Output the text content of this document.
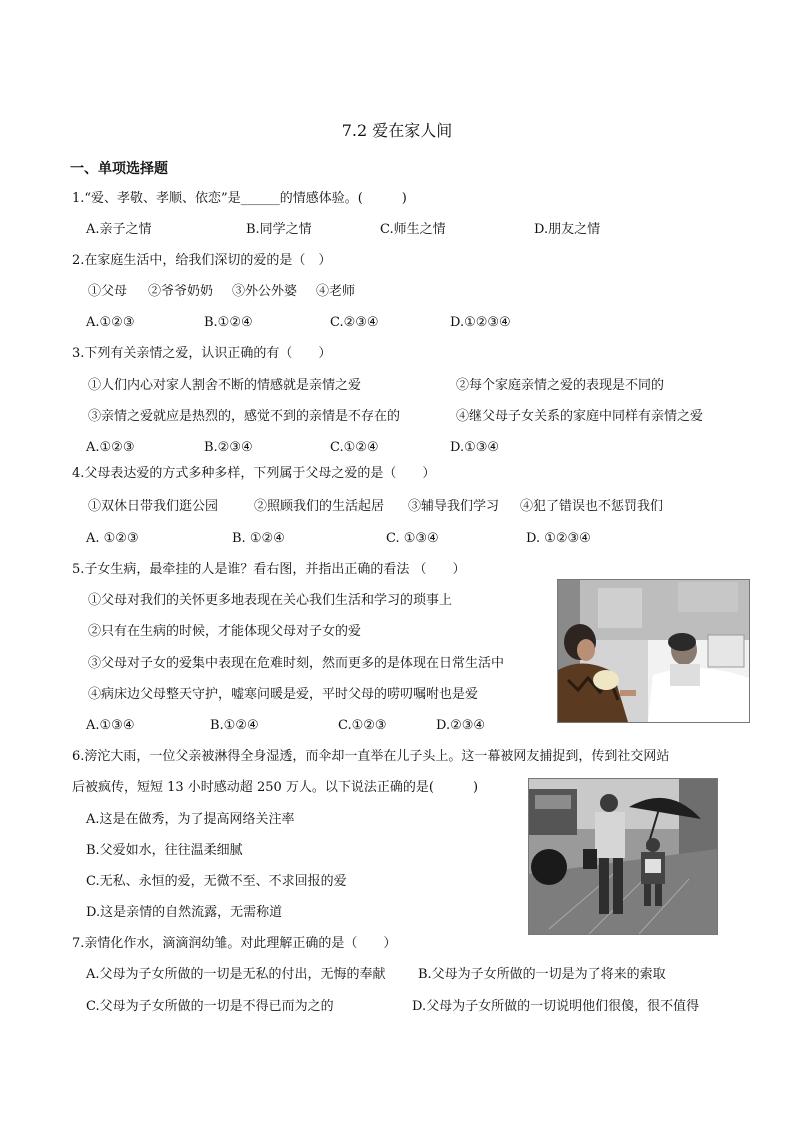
7.2 爱在家人间
一、单项选择题
1.“爱、孝敬、孝顺、依恋”是______的情感体验。(　　　)
A.亲子之情	B.同学之情	C.师生之情	D.朋友之情
2.在家庭生活中，给我们深切的爱的是（　）
①父母 ②爷爷奶奶 ③外公外婆 ④老师
A.①②③	B.①②④	C.②③④	D.①②③④
3.下列有关亲情之爱，认识正确的有（　　）
①人们内心对家人割舍不断的情感就是亲情之爱	②每个家庭亲情之爱的表现是不同的
③亲情之爱就应是热烈的，感觉不到的亲情是不存在的	④继父母子女关系的家庭中同样有亲情之爱
A.①②③	B.②③④	C.①②④	D.①③④
4.父母表达爱的方式多种多样，下列属于父母之爱的是（　　）
①双休日带我们逛公园	②照顾我们的生活起居 ③辅导我们学习 ④犯了错误也不惩罚我们
A. ①②③	B. ①②④	C. ①③④	D. ①②③④
5.子女生病，最牵挂的人是谁？看右图，并指出正确的看法 （　　）
①父母对我们的关怀更多地表现在关心我们生活和学习的琐事上
②只有在生病的时候，才能体现父母对子女的爱
③父母对子女的爱集中表现在危难时刻，然而更多的是体现在日常生活中
④病床边父母整天守护，嘘寒问暖是爱，平时父母的唠叨嘱咐也是爱
A.①③④	B.①②④	C.①②③	D.②③④
6.滂沱大雨，一位父亲被淋得全身湿透，而伞却一直举在儿子头上。这一幕被网友捕捉到，传到社交网站
后被疯传，短短 13 小时感动超 250 万人。以下说法正确的是(　　　)
A.这是在做秀，为了提高网络关注率
B.父爱如水，往往温柔细腻
C.无私、永恒的爱，无微不至、不求回报的爱
D.这是亲情的自然流露，无需称道
7.亲情化作水，滴滴润幼雏。对此理解正确的是（　　）
A.父母为子女所做的一切是无私的付出，无悔的奉献 B.父母为子女所做的一切是为了将来的索取
C.父母为子女所做的一切是不得已而为之的	D.父母为子女所做的一切说明他们很傻，很不值得
